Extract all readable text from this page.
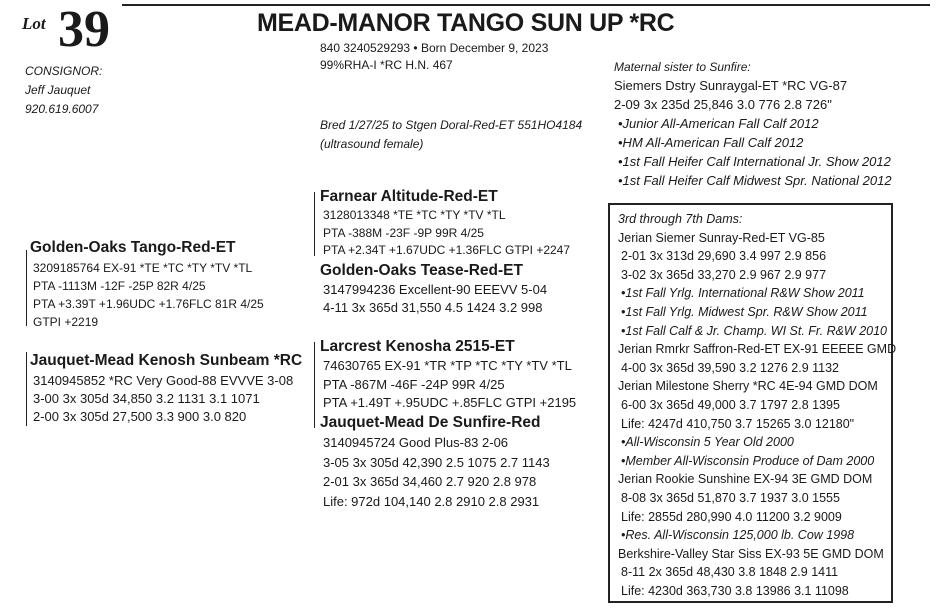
Lot 39	MEAD-MANOR TANGO SUN UP *RC
CONSIGNOR:
Jeff Jauquet
920.619.6007
840 3240529293 • Born December 9, 2023
99%RHA-I *RC H.N. 467
Bred 1/27/25 to Stgen Doral-Red-ET 551HO4184
(ultrasound female)
Golden-Oaks Tango-Red-ET
3209185764 EX-91 *TE *TC *TY *TV *TL
PTA -1113M -12F -25P 82R 4/25
PTA +3.39T +1.96UDC +1.76FLC 81R 4/25
GTPI +2219
Jauquet-Mead Kenosh Sunbeam *RC
3140945852 *RC Very Good-88 EVVVE 3-08
3-00 3x 305d 34,850 3.2 1131 3.1 1071
2-00 3x 305d 27,500 3.3 900 3.0 820
Farnear Altitude-Red-ET
3128013348 *TE *TC *TY *TV *TL
PTA -388M -23F -9P 99R 4/25
PTA +2.34T +1.67UDC +1.36FLC GTPI +2247
Golden-Oaks Tease-Red-ET
3147994236 Excellent-90 EEEVV 5-04
4-11 3x 365d 31,550 4.5 1424 3.2 998
Larcrest Kenosha 2515-ET
74630765 EX-91 *TR *TP *TC *TY *TV *TL
PTA -867M -46F -24P 99R 4/25
PTA +1.49T +.95UDC +.85FLC GTPI +2195
Jauquet-Mead De Sunfire-Red
3140945724 Good Plus-83 2-06
3-05 3x 305d 42,390 2.5 1075 2.7 1143
2-01 3x 365d 34,460 2.7 920 2.8 978
Life: 972d 104,140 2.8 2910 2.8 2931
Maternal sister to Sunfire:
Siemers Dstry Sunraygal-ET *RC VG-87
2-09 3x 235d 25,846 3.0 776 2.8 726"
•Junior All-American Fall Calf 2012
•HM All-American Fall Calf 2012
•1st Fall Heifer Calf International Jr. Show 2012
•1st Fall Heifer Calf Midwest Spr. National 2012
3rd through 7th Dams:
Jerian Siemer Sunray-Red-ET VG-85
2-01 3x 313d 29,690 3.4 997 2.9 856
3-02 3x 365d 33,270 2.9 967 2.9 977
•1st Fall Yrlg. International R&W Show 2011
•1st Fall Yrlg. Midwest Spr. R&W Show 2011
•1st Fall Calf & Jr. Champ. WI St. Fr. R&W 2010
Jerian Rmrkr Saffron-Red-ET EX-91 EEEEE GMD
4-00 3x 365d 39,590 3.2 1276 2.9 1132
Jerian Milestone Sherry *RC 4E-94 GMD DOM
6-00 3x 365d 49,000 3.7 1797 2.8 1395
Life: 4247d 410,750 3.7 15265 3.0 12180"
•All-Wisconsin 5 Year Old 2000
•Member All-Wisconsin Produce of Dam 2000
Jerian Rookie Sunshine EX-94 3E GMD DOM
8-08 3x 365d 51,870 3.7 1937 3.0 1555
Life: 2855d 280,990 4.0 11200 3.2 9009
•Res. All-Wisconsin 125,000 lb. Cow 1998
Berkshire-Valley Star Siss EX-93 5E GMD DOM
8-11 2x 365d 48,430 3.8 1848 2.9 1411
Life: 4230d 363,730 3.8 13986 3.1 11098
